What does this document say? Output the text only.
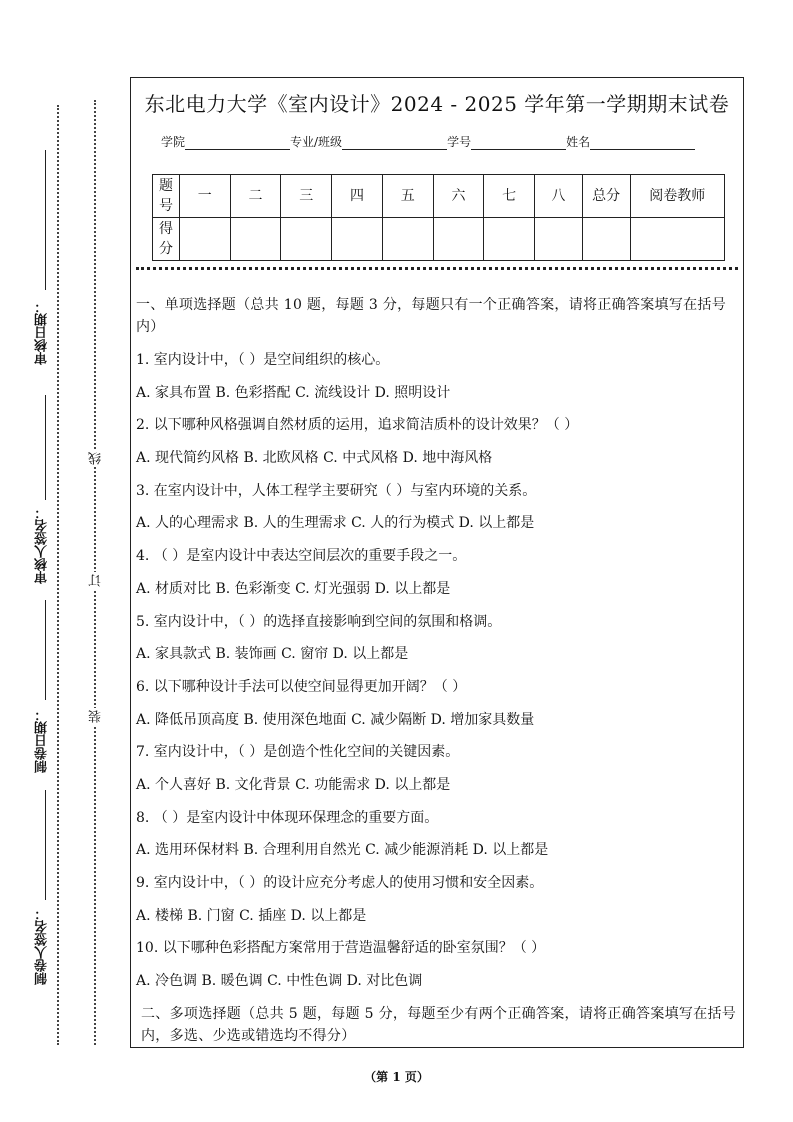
审核日期：
审核人签名：
制卷日期：
制卷人签名：
线
订
装
东北电力大学《室内设计》2024 - 2025 学年第一学期期末试卷
学院	专业/班级	学号	姓名
题号	一	二	三	四	五	六	七	八	总分	阅卷教师
得分										

一、单项选择题（总共 10 题，每题 3 分，每题只有一个正确答案，请将正确答案填写在括号内）

1. 室内设计中，（ ）是空间组织的核心。

A. 家具布置 B. 色彩搭配 C. 流线设计 D. 照明设计

2. 以下哪种风格强调自然材质的运用，追求简洁质朴的设计效果？（ ）

A. 现代简约风格 B. 北欧风格 C. 中式风格 D. 地中海风格

3. 在室内设计中，人体工程学主要研究（ ）与室内环境的关系。

A. 人的心理需求 B. 人的生理需求 C. 人的行为模式 D. 以上都是

4. （ ）是室内设计中表达空间层次的重要手段之一。

A. 材质对比 B. 色彩渐变 C. 灯光强弱 D. 以上都是

5. 室内设计中，（ ）的选择直接影响到空间的氛围和格调。

A. 家具款式 B. 装饰画 C. 窗帘 D. 以上都是

6. 以下哪种设计手法可以使空间显得更加开阔？（ ）

A. 降低吊顶高度 B. 使用深色地面 C. 减少隔断 D. 增加家具数量

7. 室内设计中，（ ）是创造个性化空间的关键因素。

A. 个人喜好 B. 文化背景 C. 功能需求 D. 以上都是

8. （ ）是室内设计中体现环保理念的重要方面。

A. 选用环保材料 B. 合理利用自然光 C. 减少能源消耗 D. 以上都是

9. 室内设计中，（ ）的设计应充分考虑人的使用习惯和安全因素。

A. 楼梯 B. 门窗 C. 插座 D. 以上都是

10. 以下哪种色彩搭配方案常用于营造温馨舒适的卧室氛围？（ ）

A. 冷色调 B. 暖色调 C. 中性色调 D. 对比色调

二、多项选择题（总共 5 题，每题 5 分，每题至少有两个正确答案，请将正确答案填写在括号内，多选、少选或错选均不得分）

（第 1 页）
